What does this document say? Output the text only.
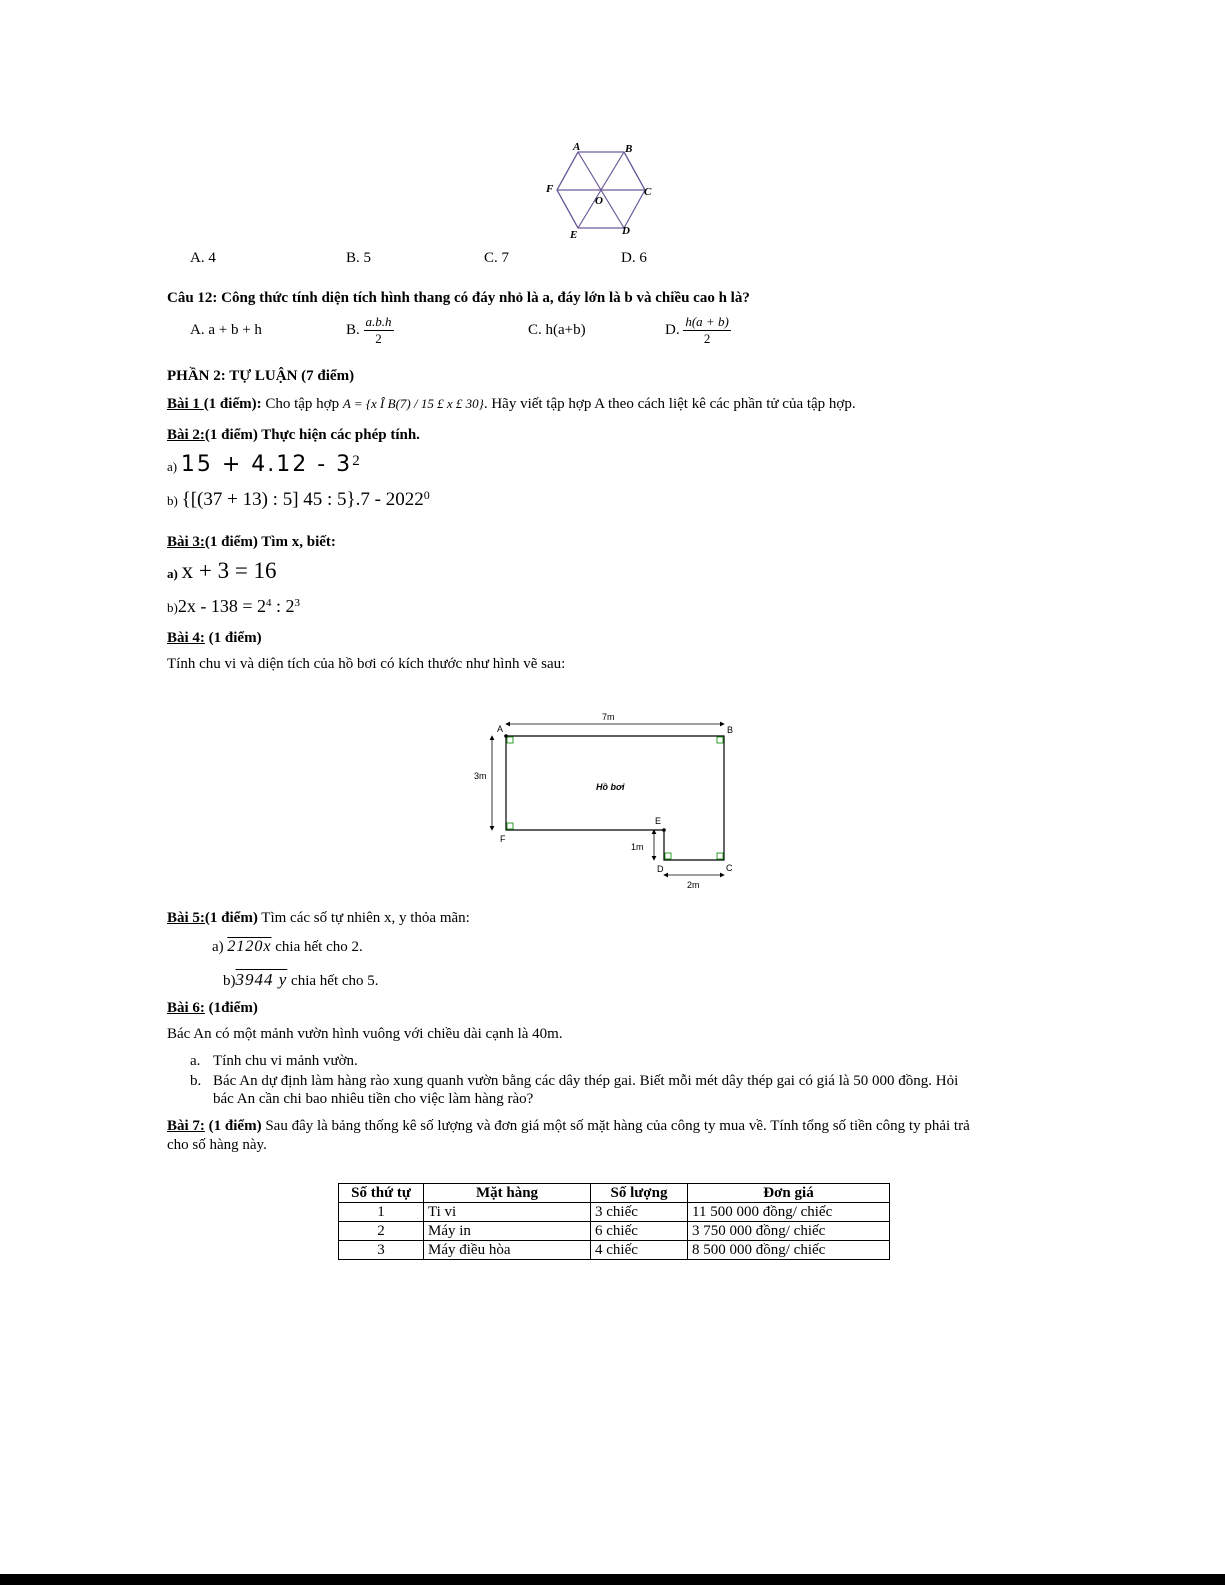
A	B
C
D
E
F
O
A. 4	B. 5	C. 7	D. 6
Câu 12: Công thức tính diện tích hình thang có đáy nhỏ là a, đáy lớn là b và chiều cao h là?
A. a + b + h	B. $\frac{a.b.h}{2}$	C. h(a+b)	D. $\frac{h(a + b)}{2}$
PHẦN 2: TỰ LUẬN (7 điểm)
Bài 1 (1 điểm): Cho tập hợp A = {x Î B(7) / 15 £ x £ 30}. Hãy viết tập hợp A theo cách liệt kê các phần tử của tập hợp.
Bài 2:(1 điểm) Thực hiện các phép tính.
a) $15 + 4.12 - 3^2$
b) {[(37 + 13) : 5] 45 : 5}.7 - 2022$^0$
Bài 3:(1 điểm) Tìm x, biết:
a) x + 3 = 16
$b)2x - 138 = 2^4$ : $2^3$
Bài 4: (1 điểm)
Tính chu vi và diện tích của hồ bơi có kích thước như hình vẽ sau:
7m
3m
1m
2m
A	B
C
D
E
F
Hồ bơi
Bài 5:(1 điểm) Tìm các số tự nhiên x, y thỏa mãn:
a) 2120x chia hết cho 2.
b)3944 y chia hết cho 5.
Bài 6: (1điểm)
Bác An có một mảnh vườn hình vuông với chiều dài cạnh là 40m.
a. Tính chu vi mảnh vườn.
b. Bác An dự định làm hàng rào xung quanh vườn bằng các dây thép gai. Biết mỗi mét dây thép gai có giá là 50 000 đồng. Hỏi
bác An cần chi bao nhiêu tiền cho việc làm hàng rào?
Bài 7: (1 điểm) Sau đây là bảng thống kê số lượng và đơn giá một số mặt hàng của công ty mua về. Tính tổng số tiền công ty phải trả
cho số hàng này.
Số thứ tự	Mặt hàng	Số lượng	Đơn giá
1	Ti vi	3 chiếc	11 500 000 đồng/ chiếc
2	Máy in	6 chiếc	3 750 000 đồng/ chiếc
3	Máy điều hòa	4 chiếc	8 500 000 đồng/ chiếc
